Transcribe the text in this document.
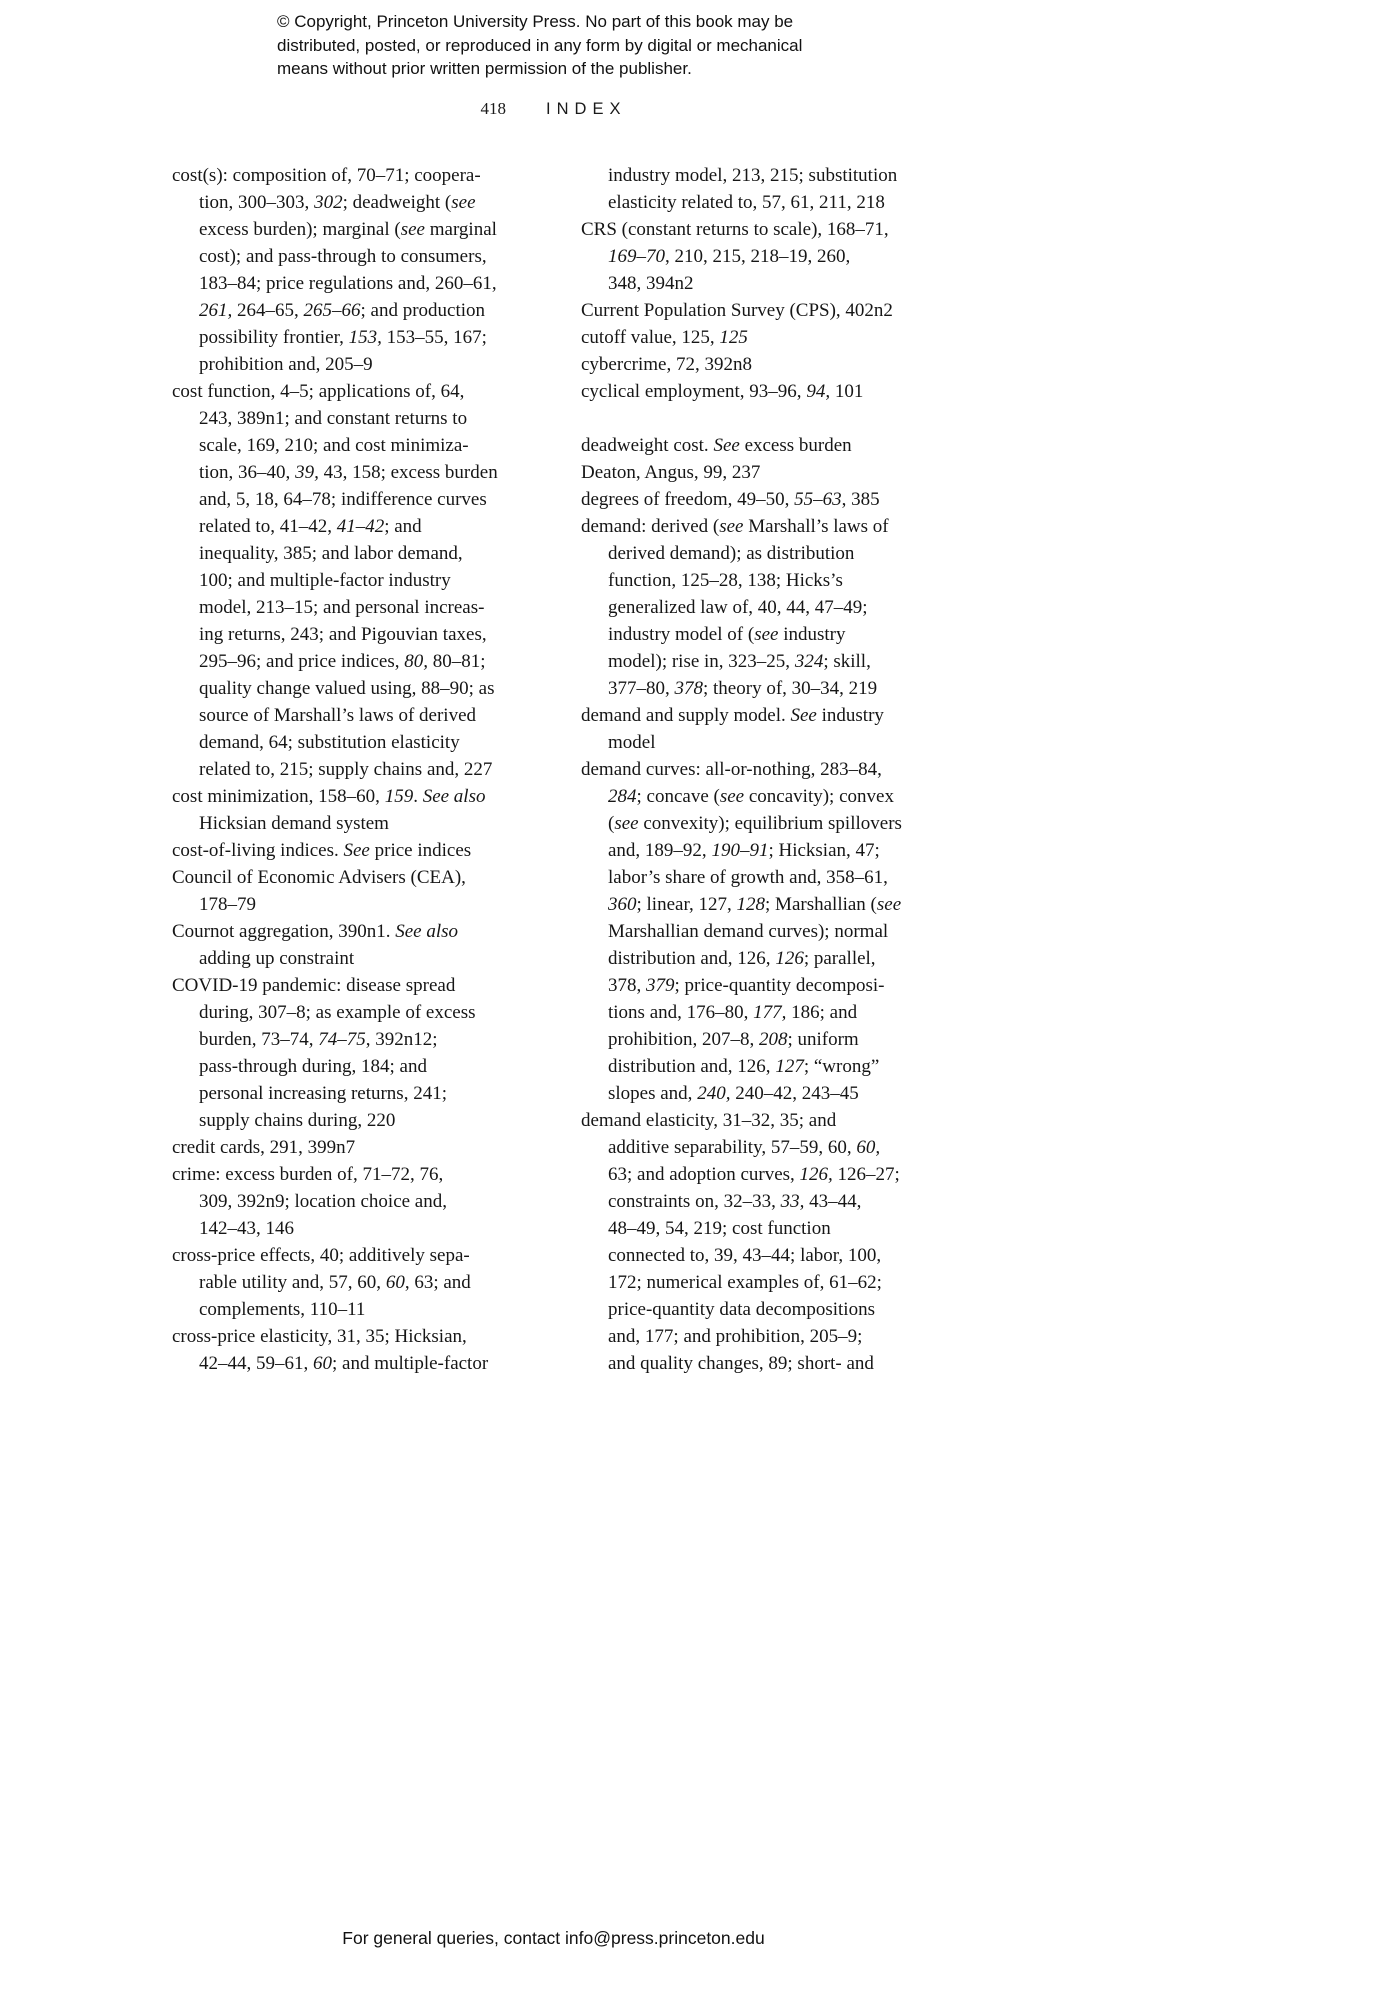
© Copyright, Princeton University Press. No part of this book may be
distributed, posted, or reproduced in any form by digital or mechanical
means without prior written permission of the publisher.
418 INDEX

cost(s): composition of, 70–71; coopera-
tion, 300–303, 302; deadweight (see
excess burden); marginal (see marginal
cost); and pass-through to consumers,
183–84; price regulations and, 260–61,
261, 264–65, 265–66; and production
possibility frontier, 153, 153–55, 167;
prohibition and, 205–9

cost function, 4–5; applications of, 64,
243, 389n1; and constant returns to
scale, 169, 210; and cost minimiza-
tion, 36–40, 39, 43, 158; excess burden
and, 5, 18, 64–78; indifference curves
related to, 41–42, 41–42; and
inequality, 385; and labor demand,
100; and multiple-factor industry
model, 213–15; and personal increas-
ing returns, 243; and Pigouvian taxes,
295–96; and price indices, 80, 80–81;
quality change valued using, 88–90; as
source of Marshall’s laws of derived
demand, 64; substitution elasticity
related to, 215; supply chains and, 227

cost minimization, 158–60, 159. See also
Hicksian demand system

cost-of-living indices. See price indices

Council of Economic Advisers (CEA),
178–79

Cournot aggregation, 390n1. See also
adding up constraint

COVID-19 pandemic: disease spread
during, 307–8; as example of excess
burden, 73–74, 74–75, 392n12;
pass-through during, 184; and
personal increasing returns, 241;
supply chains during, 220

credit cards, 291, 399n7

crime: excess burden of, 71–72, 76,
309, 392n9; location choice and,
142–43, 146

cross-price effects, 40; additively sepa-
rable utility and, 57, 60, 60, 63; and
complements, 110–11

cross-price elasticity, 31, 35; Hicksian,
42–44, 59–61, 60; and multiple-factor

industry model, 213, 215; substitution
elasticity related to, 57, 61, 211, 218

CRS (constant returns to scale), 168–71,
169–70, 210, 215, 218–19, 260,
348, 394n2

Current Population Survey (CPS), 402n2

cutoff value, 125, 125

cybercrime, 72, 392n8

cyclical employment, 93–96, 94, 101

deadweight cost. See excess burden

Deaton, Angus, 99, 237

degrees of freedom, 49–50, 55–63, 385

demand: derived (see Marshall’s laws of
derived demand); as distribution
function, 125–28, 138; Hicks’s
generalized law of, 40, 44, 47–49;
industry model of (see industry
model); rise in, 323–25, 324; skill,
377–80, 378; theory of, 30–34, 219

demand and supply model. See industry
model

demand curves: all-or-nothing, 283–84,
284; concave (see concavity); convex
(see convexity); equilibrium spillovers
and, 189–92, 190–91; Hicksian, 47;
labor’s share of growth and, 358–61,
360; linear, 127, 128; Marshallian (see
Marshallian demand curves); normal
distribution and, 126, 126; parallel,
378, 379; price-quantity decomposi-
tions and, 176–80, 177, 186; and
prohibition, 207–8, 208; uniform
distribution and, 126, 127; “wrong”
slopes and, 240, 240–42, 243–45

demand elasticity, 31–32, 35; and
additive separability, 57–59, 60, 60,
63; and adoption curves, 126, 126–27;
constraints on, 32–33, 33, 43–44,
48–49, 54, 219; cost function
connected to, 39, 43–44; labor, 100,
172; numerical examples of, 61–62;
price-quantity data decompositions
and, 177; and prohibition, 205–9;
and quality changes, 89; short- and

For general queries, contact info@press.princeton.edu
